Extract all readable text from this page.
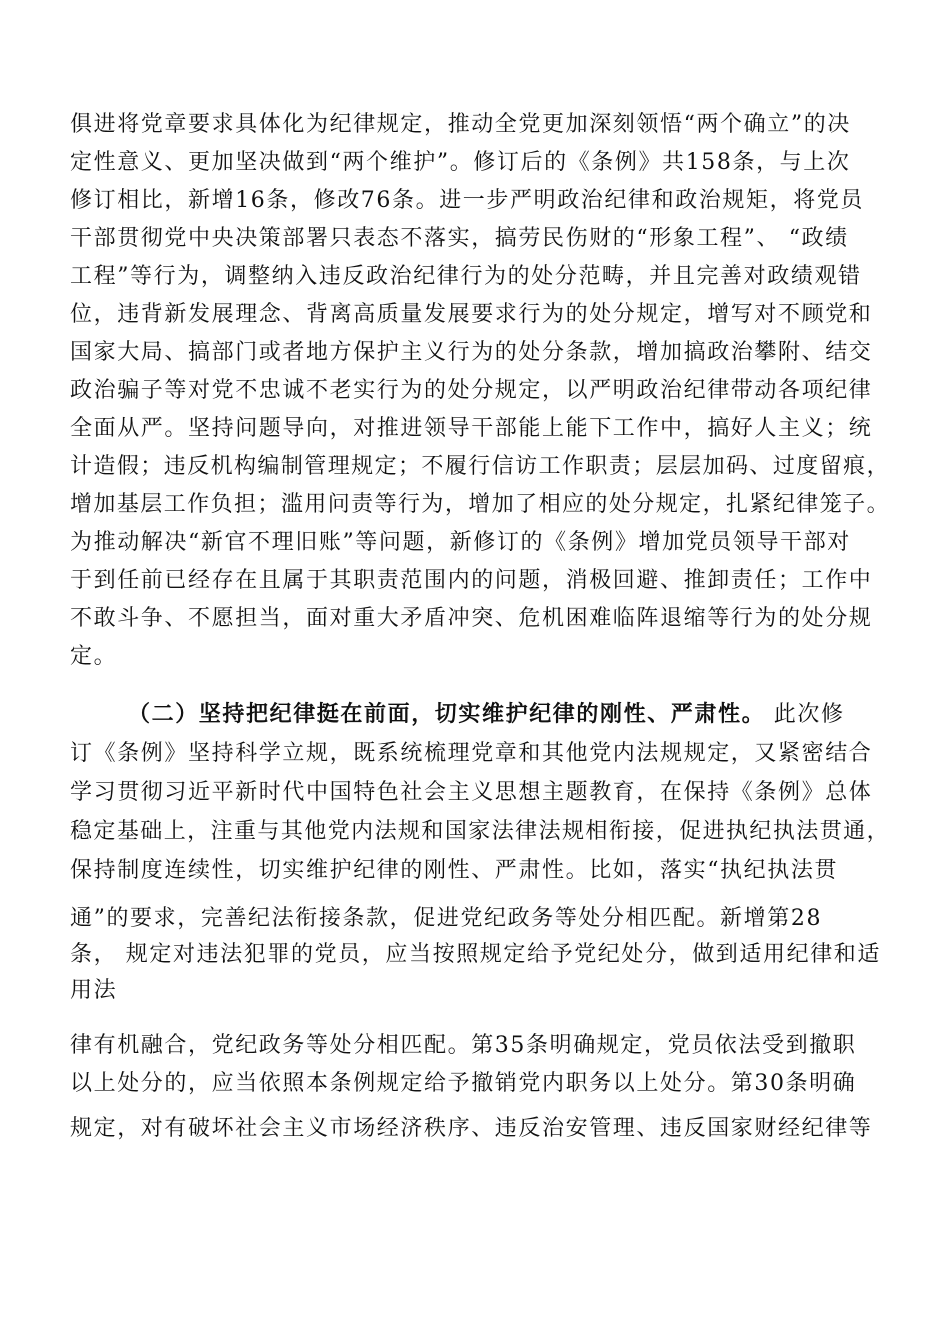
俱进将党章要求具体化为纪律规定，推动全党更加深刻领悟“两个确立”的决
定性意义、更加坚决做到“两个维护”。修订后的《条例》共158条，与上次
修订相比，新增16条，修改76条。进一步严明政治纪律和政治规矩，将党员
干部贯彻党中央决策部署只表态不落实，搞劳民伤财的“形象工程”、 “政绩
工程”等行为，调整纳入违反政治纪律行为的处分范畴，并且完善对政绩观错
位，违背新发展理念、背离高质量发展要求行为的处分规定，增写对不顾党和
国家大局、搞部门或者地方保护主义行为的处分条款，增加搞政治攀附、结交
政治骗子等对党不忠诚不老实行为的处分规定，以严明政治纪律带动各项纪律
全面从严。坚持问题导向，对推进领导干部能上能下工作中，搞好人主义；统
计造假；违反机构编制管理规定；不履行信访工作职责；层层加码、过度留痕，
增加基层工作负担；滥用问责等行为，增加了相应的处分规定，扎紧纪律笼子。
为推动解决“新官不理旧账”等问题，新修订的《条例》增加党员领导干部对
于到任前已经存在且属于其职责范围内的问题，消极回避、推卸责任；工作中
不敢斗争、不愿担当，面对重大矛盾冲突、危机困难临阵退缩等行为的处分规
定。
（二）坚持把纪律挺在前面，切实维护纪律的刚性、严肃性。 此次修
订《条例》坚持科学立规，既系统梳理党章和其他党内法规规定，又紧密结合
学习贯彻习近平新时代中国特色社会主义思想主题教育，在保持《条例》总体
稳定基础上，注重与其他党内法规和国家法律法规相衔接，促进执纪执法贯通，
保持制度连续性，切实维护纪律的刚性、严肃性。比如，落实“执纪执法贯
通”的要求，完善纪法衔接条款，促进党纪政务等处分相匹配。新增第28
条， 规定对违法犯罪的党员，应当按照规定给予党纪处分，做到适用纪律和适
用法
律有机融合，党纪政务等处分相匹配。第35条明确规定，党员依法受到撤职
以上处分的，应当依照本条例规定给予撤销党内职务以上处分。第30条明确
规定，对有破坏社会主义市场经济秩序、违反治安管理、违反国家财经纪律等
